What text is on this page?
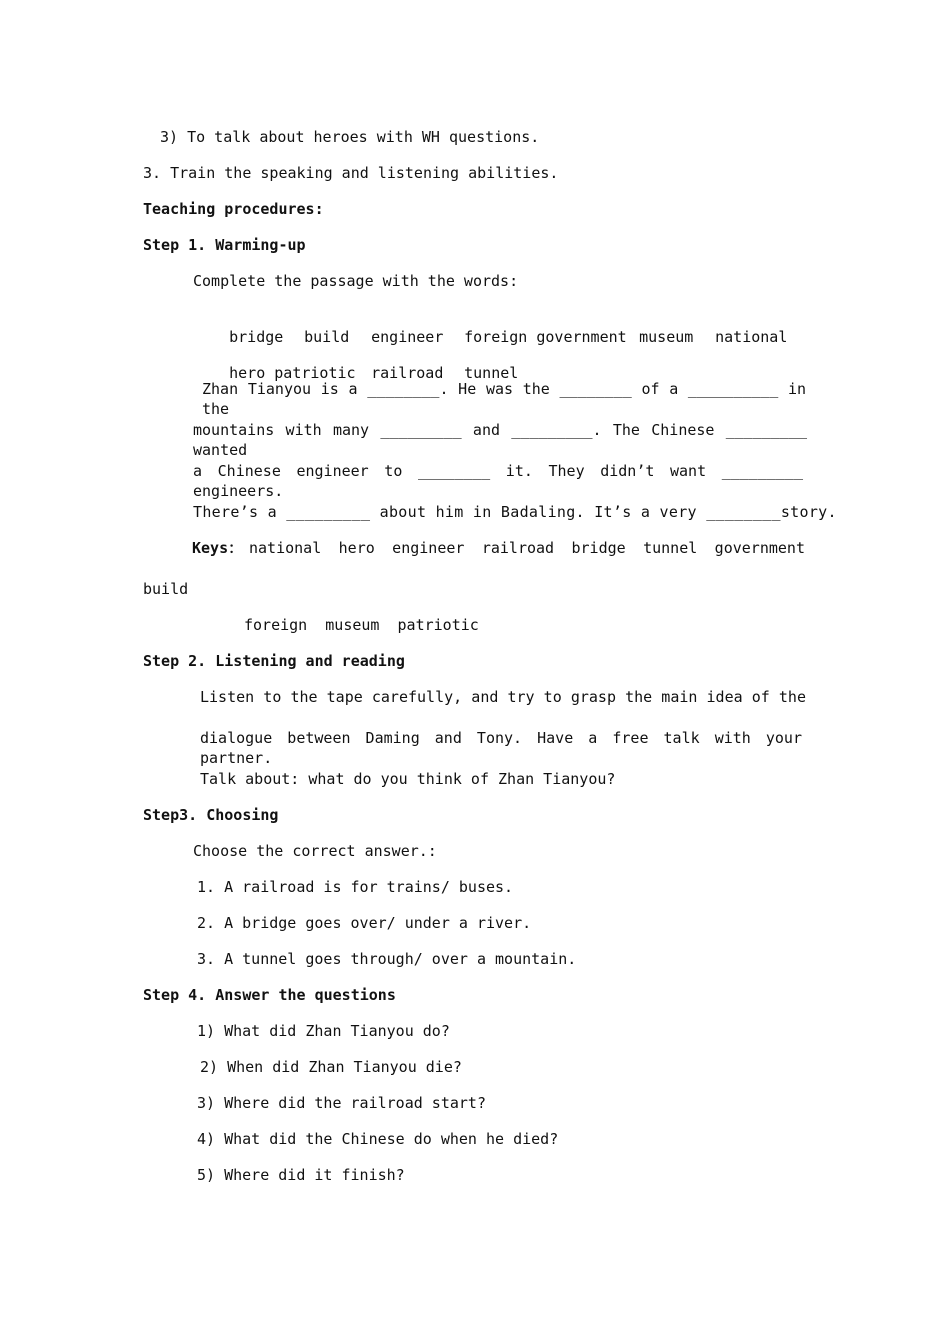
3) To talk about heroes with WH questions.
3. Train the speaking and listening abilities.
Teaching procedures:
Step 1. Warming-up
Complete the passage with the words:

bridge build engineer foreign government museum national

hero patriotic railroad tunnel

Zhan Tianyou is a ________. He was the ________ of a __________ in the
mountains with many _________ and _________. The Chinese _________ wanted
a Chinese engineer to ________ it. They didn’t want _________ engineers.
There’s a _________ about him in Badaling. It’s a very ________story.
Keys： national hero engineer railroad bridge tunnel government
build
foreign  museum  patriotic
Step 2. Listening and reading
Listen to the tape carefully, and try to grasp the main idea of the
dialogue between Daming and Tony. Have a free talk with your partner.
Talk about: what do you think of Zhan Tianyou?
Step3. Choosing
Choose the correct answer.:
1. A railroad is for trains/ buses.
2. A bridge goes over/ under a river.
3. A tunnel goes through/ over a mountain.
Step 4. Answer the questions
1) What did Zhan Tianyou do?
2) When did Zhan Tianyou die?
3) Where did the railroad start?
4) What did the Chinese do when he died?
5) Where did it finish?
